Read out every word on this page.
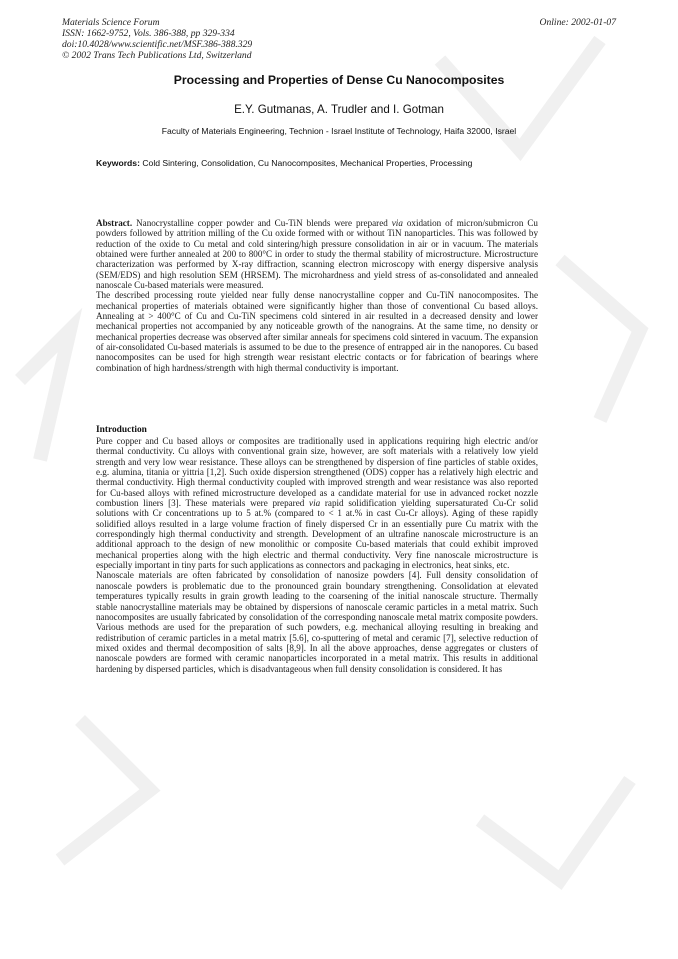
Materials Science Forum
ISSN: 1662-9752, Vols. 386-388, pp 329-334
doi:10.4028/www.scientific.net/MSF.386-388.329
© 2002 Trans Tech Publications Ltd, Switzerland
Online: 2002-01-07
Processing and Properties of Dense Cu Nanocomposites
E.Y. Gutmanas, A. Trudler and I. Gotman
Faculty of Materials Engineering, Technion - Israel Institute of Technology, Haifa 32000, Israel
Keywords: Cold Sintering, Consolidation, Cu Nanocomposites, Mechanical Properties, Processing

Abstract. Nanocrystalline copper powder and Cu-TiN blends were prepared via oxidation of micron/submicron Cu powders followed by attrition milling of the Cu oxide formed with or without TiN nanoparticles. This was followed by reduction of the oxide to Cu metal and cold sintering/high pressure consolidation in air or in vacuum. The materials obtained were further annealed at 200 to 800°C in order to study the thermal stability of microstructure. Microstructure characterization was performed by X-ray diffraction, scanning electron microscopy with energy dispersive analysis (SEM/EDS) and high resolution SEM (HRSEM). The microhardness and yield stress of as-consolidated and annealed nanoscale Cu-based materials were measured.

The described processing route yielded near fully dense nanocrystalline copper and Cu-TiN nanocomposites. The mechanical properties of materials obtained were significantly higher than those of conventional Cu based alloys. Annealing at > 400°C of Cu and Cu-TiN specimens cold sintered in air resulted in a decreased density and lower mechanical properties not accompanied by any noticeable growth of the nanograins. At the same time, no density or mechanical properties decrease was observed after similar anneals for specimens cold sintered in vacuum. The expansion of air-consolidated Cu-based materials is assumed to be due to the presence of entrapped air in the nanopores. Cu based nanocomposites can be used for high strength wear resistant electric contacts or for fabrication of bearings where combination of high hardness/strength with high thermal conductivity is important.

Introduction

Pure copper and Cu based alloys or composites are traditionally used in applications requiring high electric and/or thermal conductivity. Cu alloys with conventional grain size, however, are soft materials with a relatively low yield strength and very low wear resistance. These alloys can be strengthened by dispersion of fine particles of stable oxides, e.g. alumina, titania or yittria [1,2]. Such oxide dispersion strengthened (ODS) copper has a relatively high electric and thermal conductivity. High thermal conductivity coupled with improved strength and wear resistance was also reported for Cu-based alloys with refined microstructure developed as a candidate material for use in advanced rocket nozzle combustion liners [3]. These materials were prepared via rapid solidification yielding supersaturated Cu-Cr solid solutions with Cr concentrations up to 5 at.% (compared to < 1 at.% in cast Cu-Cr alloys). Aging of these rapidly solidified alloys resulted in a large volume fraction of finely dispersed Cr in an essentially pure Cu matrix with the correspondingly high thermal conductivity and strength. Development of an ultrafine nanoscale microstructure is an additional approach to the design of new monolithic or composite Cu-based materials that could exhibit improved mechanical properties along with the high electric and thermal conductivity. Very fine nanoscale microstructure is especially important in tiny parts for such applications as connectors and packaging in electronics, heat sinks, etc.

Nanoscale materials are often fabricated by consolidation of nanosize powders [4]. Full density consolidation of nanoscale powders is problematic due to the pronounced grain boundary strengthening. Consolidation at elevated temperatures typically results in grain growth leading to the coarsening of the initial nanoscale structure. Thermally stable nanocrystalline materials may be obtained by dispersions of nanoscale ceramic particles in a metal matrix. Such nanocomposites are usually fabricated by consolidation of the corresponding nanoscale metal matrix composite powders. Various methods are used for the preparation of such powders, e.g. mechanical alloying resulting in breaking and redistribution of ceramic particles in a metal matrix [5.6], co-sputtering of metal and ceramic [7], selective reduction of mixed oxides and thermal decomposition of salts [8,9]. In all the above approaches, dense aggregates or clusters of nanoscale powders are formed with ceramic nanoparticles incorporated in a metal matrix. This results in additional hardening by dispersed particles, which is disadvantageous when full density consolidation is considered. It has
